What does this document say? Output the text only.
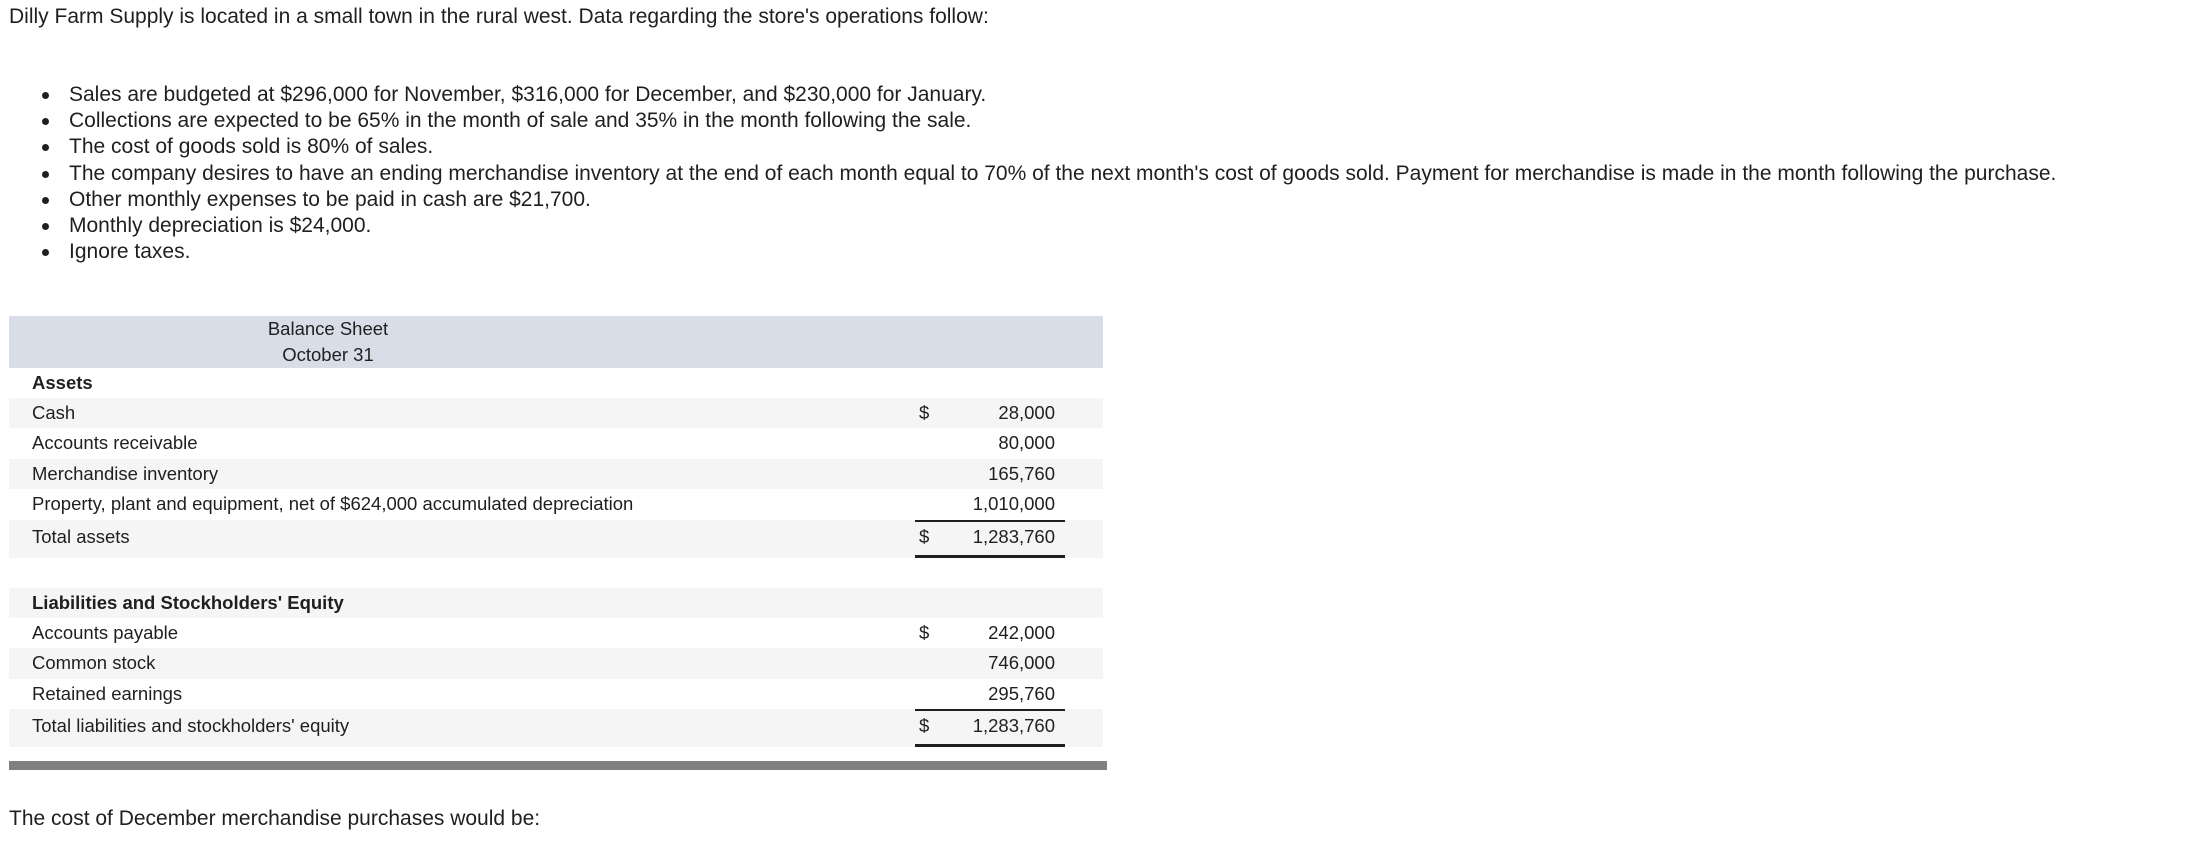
Dilly Farm Supply is located in a small town in the rural west. Data regarding the store's operations follow:

Sales are budgeted at $296,000 for November, $316,000 for December, and $230,000 for January.
Collections are expected to be 65% in the month of sale and 35% in the month following the sale.
The cost of goods sold is 80% of sales.
The company desires to have an ending merchandise inventory at the end of each month equal to 70% of the next month's cost of goods sold. Payment for merchandise is made in the month following the purchase.
Other monthly expenses to be paid in cash are $21,700.
Monthly depreciation is $24,000.
Ignore taxes.
Balance Sheet
October 31
Assets
Cash	$	28,000
Accounts receivable	80,000
Merchandise inventory	165,760
Property, plant and equipment, net of $624,000 accumulated depreciation	1,010,000
Total assets	$ 1,283,760
Liabilities and Stockholders' Equity
Accounts payable	$	242,000
Common stock	746,000
Retained earnings	295,760
Total liabilities and stockholders' equity	$ 1,283,760

The cost of December merchandise purchases would be:
